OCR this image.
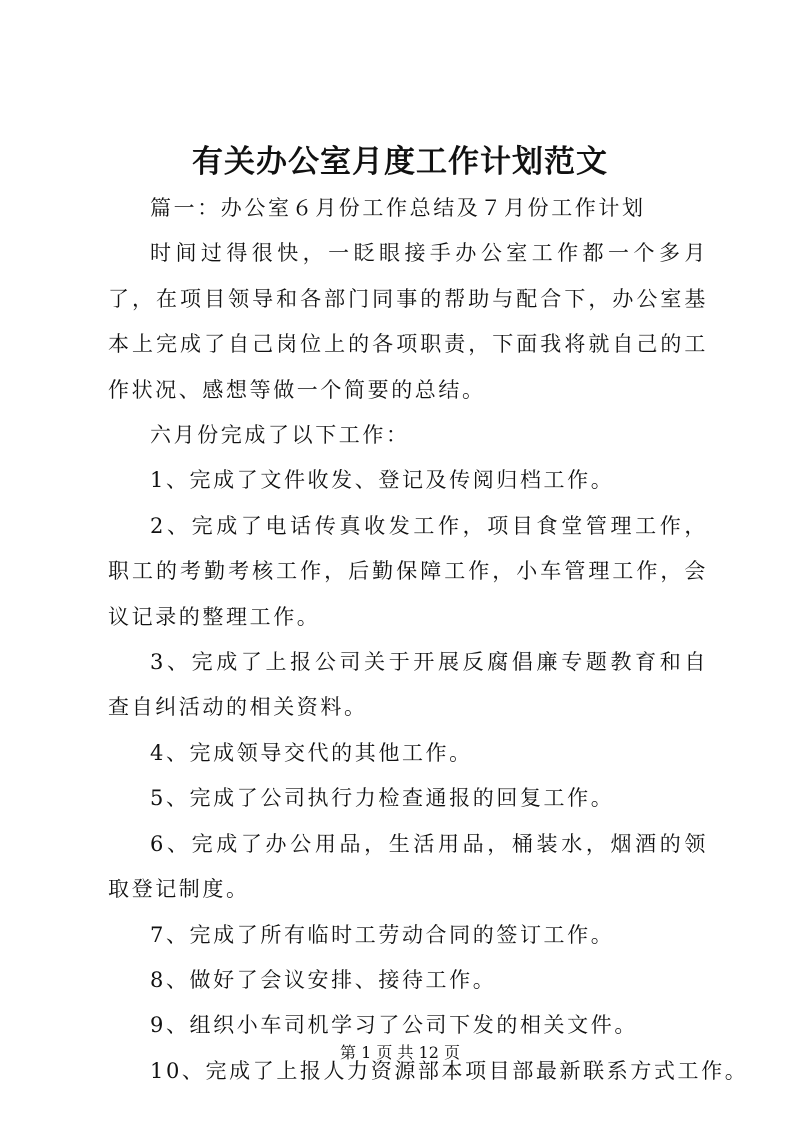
有关办公室月度工作计划范文

篇一：办公室６月份工作总结及７月份工作计划

时间过得很快，一眨眼接手办公室工作都一个多月了，在项目领导和各部门同事的帮助与配合下，办公室基本上完成了自己岗位上的各项职责，下面我将就自己的工作状况、感想等做一个简要的总结。

六月份完成了以下工作：

1、完成了文件收发、登记及传阅归档工作。

2、完成了电话传真收发工作，项目食堂管理工作，职工的考勤考核工作，后勤保障工作，小车管理工作，会议记录的整理工作。

3、完成了上报公司关于开展反腐倡廉专题教育和自查自纠活动的相关资料。

4、完成领导交代的其他工作。

5、完成了公司执行力检查通报的回复工作。

6、完成了办公用品，生活用品，桶装水，烟酒的领取登记制度。

7、完成了所有临时工劳动合同的签订工作。

8、做好了会议安排、接待工作。

9、组织小车司机学习了公司下发的相关文件。

10、完成了上报人力资源部本项目部最新联系方式工作。

第 1 页 共 12 页
